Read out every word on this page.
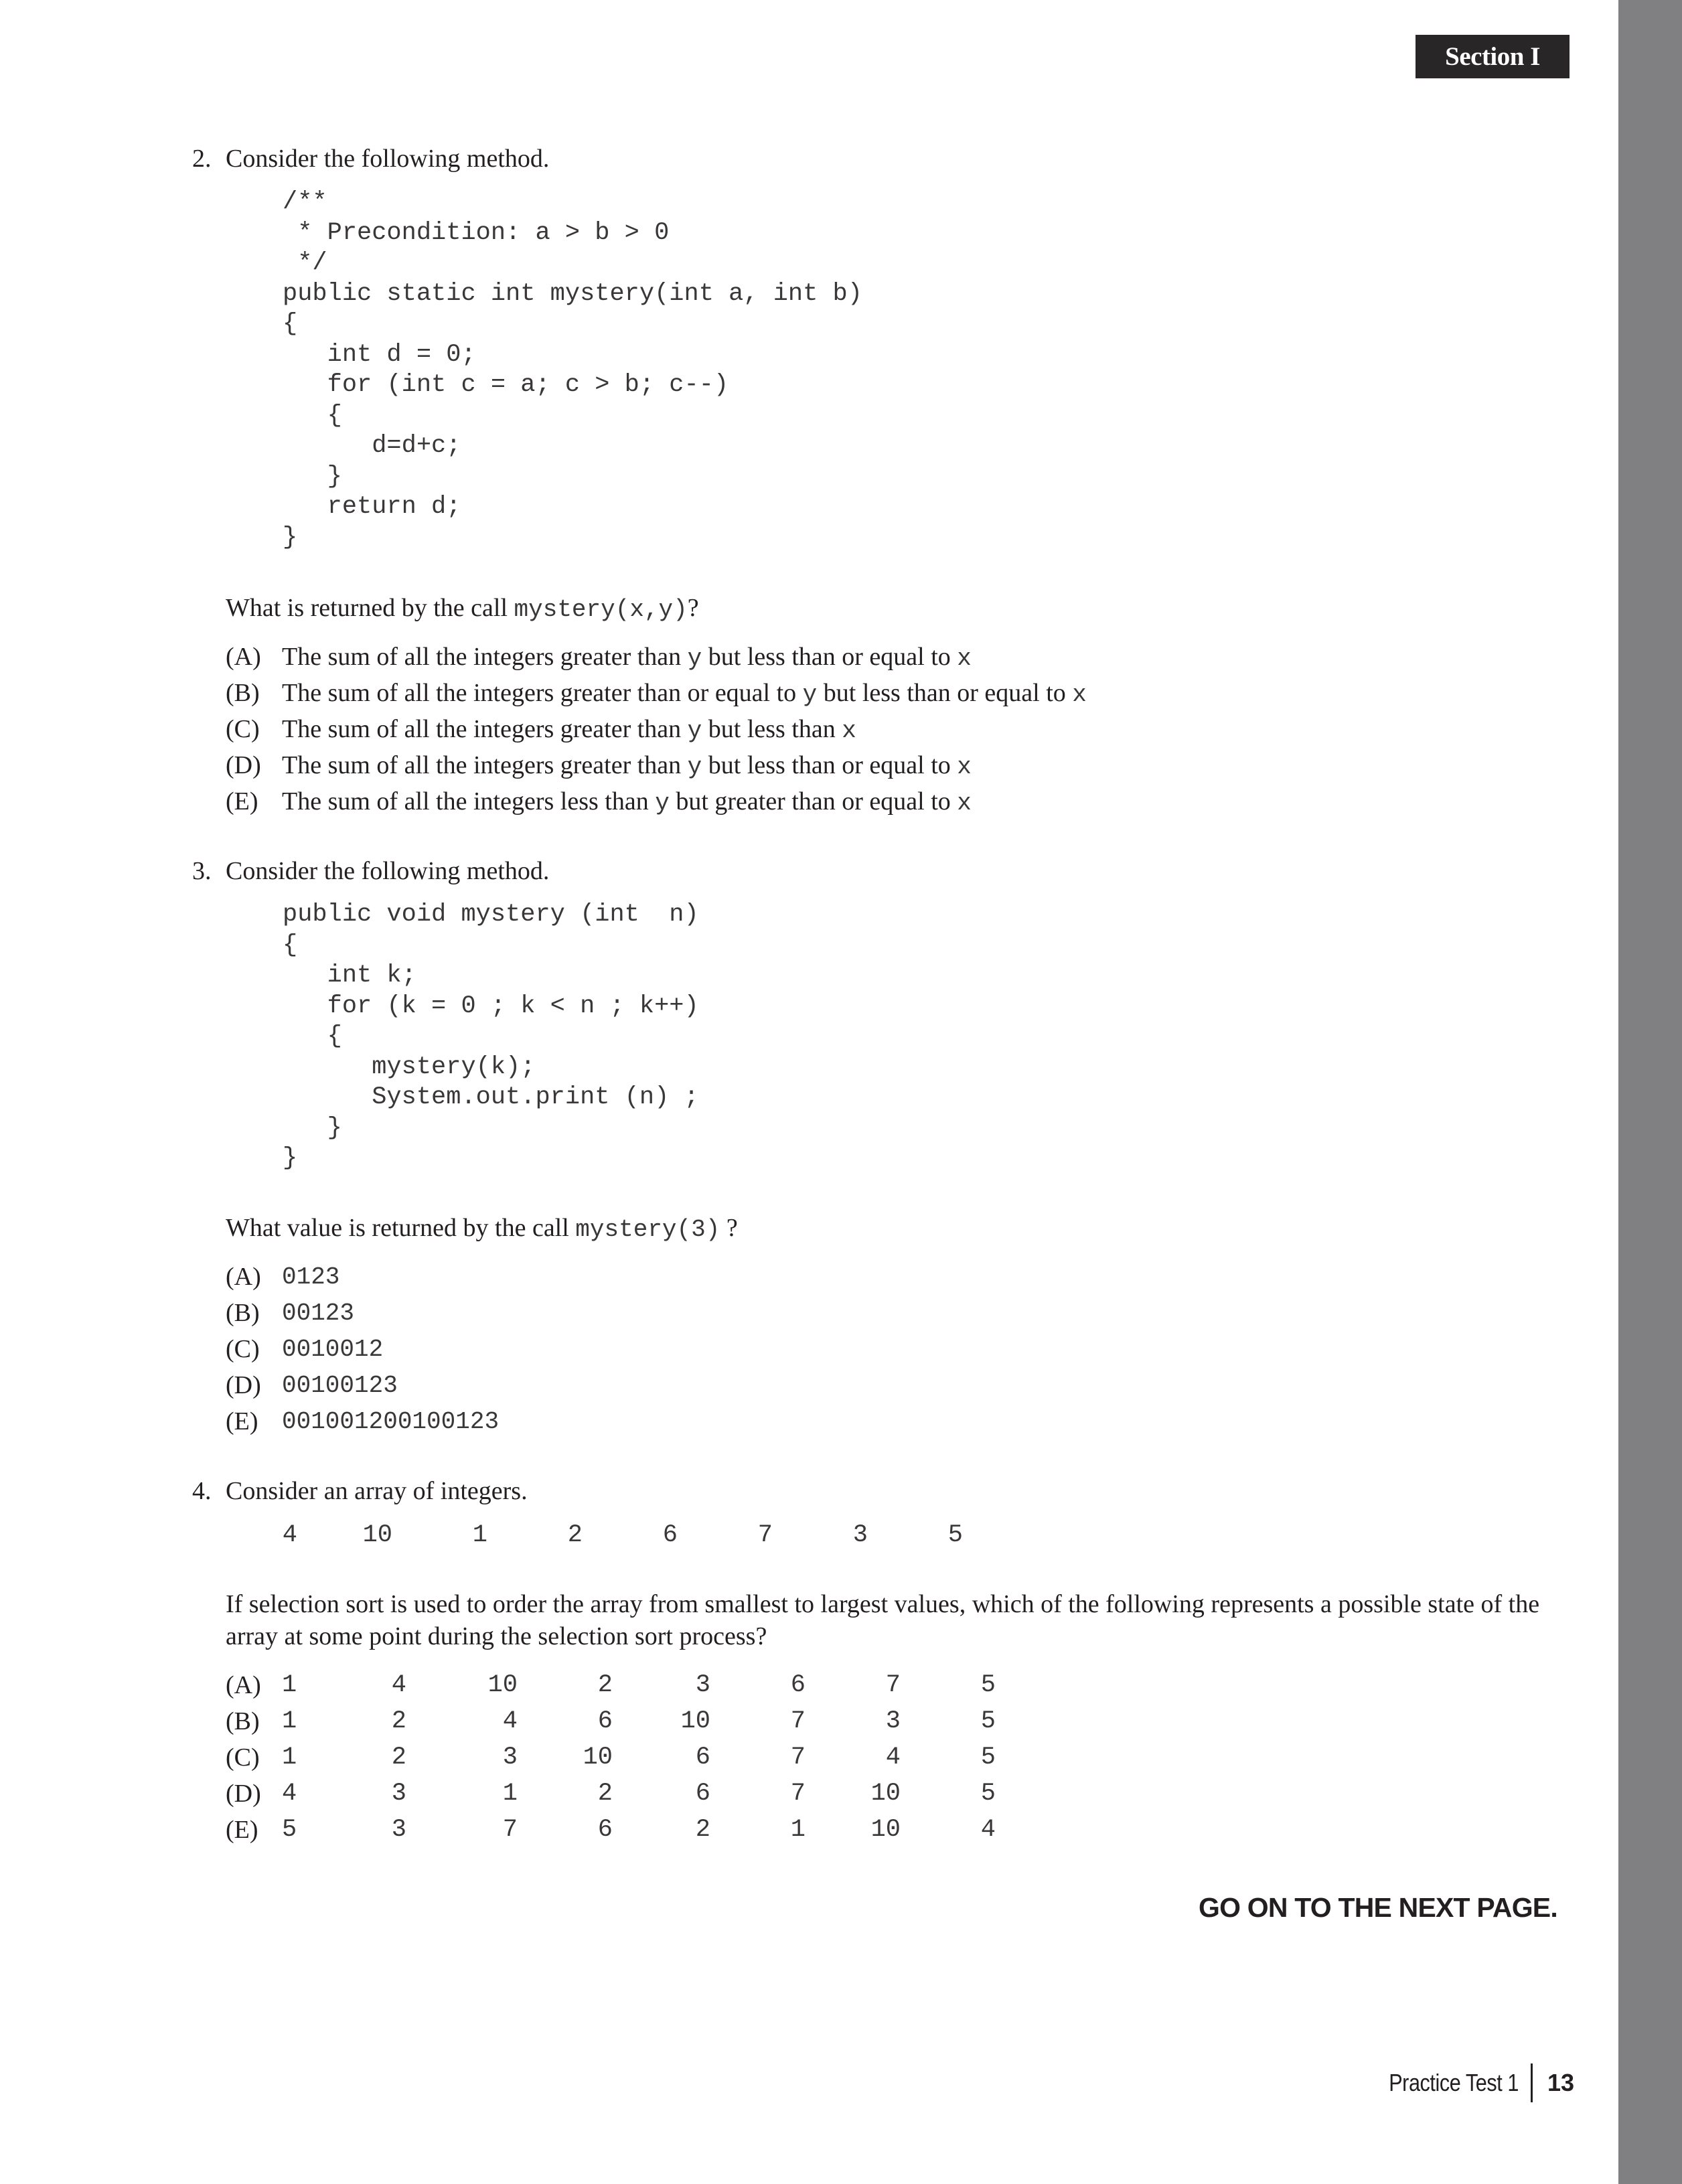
Section I
2. Consider the following method.
/**
* Precondition: a > b > 0
*/
public static int mystery(int a, int b)
{
int d = 0;
for (int c = a; c > b; c--)
{
d=d+c;
}
return d;
}
What is returned by the call mystery(x,y)?
(A) The sum of all the integers greater than y but less than or equal to x
(B) The sum of all the integers greater than or equal to y but less than or equal to x
(C) The sum of all the integers greater than y but less than x
(D) The sum of all the integers greater than y but less than or equal to x
(E) The sum of all the integers less than y but greater than or equal to x
3. Consider the following method.
public void mystery (int  n)
{
int k;
for (k = 0 ; k < n ; k++)
{
mystery(k);
System.out.print (n) ;
}
}
What value is returned by the call mystery(3) ?
(A) 0123
(B) 00123
(C) 0010012
(D) 00100123
(E) 001001200100123
4. Consider an array of integers.
4	10	1	2	6	7	3	5
If selection sort is used to order the array from smallest to largest values, which of the following represents a possible state of the array at some point during the selection sort process?
(A) 1	4	10	2	3	6	7	5
(B) 1	2	4	6	10	7	3	5
(C) 1	2	3	10	6	7	4	5
(D) 4	3	1	2	6	7	10	5
(E) 5	3	7	6	2	1	10	4
GO ON TO THE NEXT PAGE.
Practice Test 1 13
